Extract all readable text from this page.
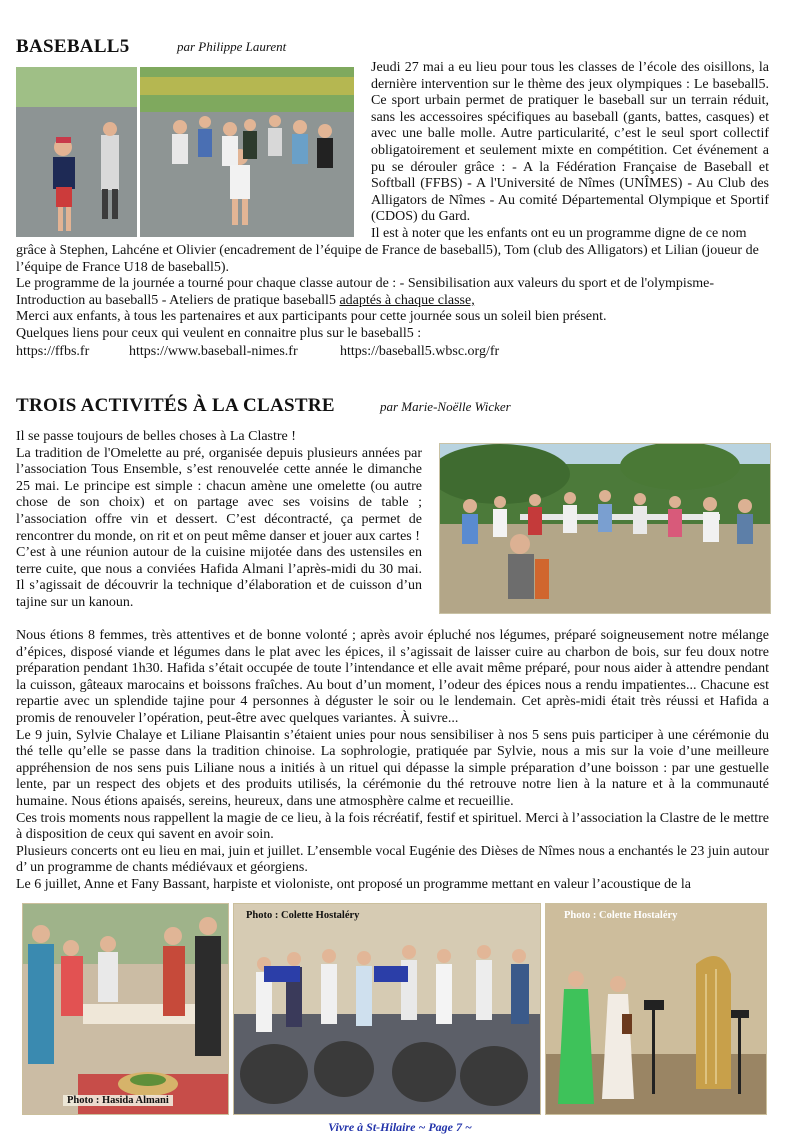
BASEBALL5	par Philippe Laurent

Jeudi 27 mai a eu lieu pour tous les classes de l’école des oisillons, la dernière intervention sur le thème des jeux olympiques : Le baseball5. Ce sport urbain permet de pratiquer le baseball sur un terrain réduit, sans les accessoires spécifiques au baseball (gants, battes, casques) et avec une balle molle. Autre particularité, c’est le seul sport collectif obligatoirement et seulement mixte en compétition. Cet événement a pu se dérouler grâce : - A la Fédération Française de Baseball et Softball (FFBS) - A l'Université de Nîmes (UNÎMES) - Au Club des Alligators de Nîmes - Au comité Départemental Olympique et Sportif (CDOS) du Gard.

Il est à noter que les enfants ont eu un programme digne de ce nom

grâce à Stephen, Lahcéne et Olivier (encadrement de l’équipe de France de baseball5), Tom (club des Alligators) et Lilian (joueur de l’équipe de France U18 de baseball5).

Le programme de la journée a tourné pour chaque classe autour de : - Sensibilisation aux valeurs du sport et de l'olympisme- Introduction au baseball5 - Ateliers de pratique baseball5 adaptés à chaque classe,

Merci aux enfants, à tous les partenaires et aux participants pour cette journée sous un soleil bien présent.

Quelques liens pour ceux qui veulent en connaitre plus sur le baseball5 :

https://ffbs.fr	https://www.baseball-nimes.fr	https://baseball5.wbsc.org/fr
TROIS ACTIVITÉS À LA CLASTRE	par Marie-Noëlle Wicker

Il se passe toujours de belles choses à La Clastre !

La tradition de l'Omelette au pré, organisée depuis plusieurs années par l’association Tous Ensemble, s’est renouvelée cette année le dimanche 25 mai. Le principe est simple : chacun amène une omelette (ou autre chose de son choix) et on partage avec ses voisins de table ; l’association offre vin et dessert. C’est décontracté, ça permet de rencontrer du monde, on rit et on peut même danser et jouer aux cartes !

C’est à une réunion autour de la cuisine mijotée dans des ustensiles en terre cuite, que nous a conviées Hafida Almani l’après-midi du 30 mai. Il s’agissait de découvrir la technique d’élaboration et de cuisson d’un tajine sur un kanoun.

Nous étions 8 femmes, très attentives et de bonne volonté ; après avoir épluché nos légumes, préparé soigneusement notre mélange d’épices, disposé viande et légumes dans le plat avec les épices, il s’agissait de laisser cuire au charbon de bois, sur feu doux notre préparation pendant 1h30. Hafida s’était occupée de toute l’intendance et elle avait même préparé, pour nous aider à attendre pendant la cuisson, gâteaux marocains et boissons fraîches. Au bout d’un moment, l’odeur des épices nous a rendu impatientes... Chacune est repartie avec un splendide tajine pour 4 personnes à déguster le soir ou le lendemain. Cet après-midi était très réussi et Hafida a promis de renouveler l’opération, peut-être avec quelques variantes. À suivre...

Le 9 juin, Sylvie Chalaye et Liliane Plaisantin s’étaient unies pour nous sensibiliser à nos 5 sens puis participer à une cérémonie du thé telle qu’elle se passe dans la tradition chinoise. La sophrologie, pratiquée par Sylvie, nous a mis sur la voie d’une meilleure appréhension de nos sens puis Liliane nous a initiés à un rituel qui dépasse la simple préparation d’une boisson : par une gestuelle lente, par un respect des objets et des produits utilisés, la cérémonie du thé retrouve notre lien à la nature et à la communauté humaine. Nous étions apaisés, sereins, heureux, dans une atmosphère calme et recueillie.

Ces trois moments nous rappellent la magie de ce lieu, à la fois récréatif, festif et spirituel. Merci à l’association la Clastre de le mettre à disposition de ceux qui savent en avoir soin.

Plusieurs concerts ont eu lieu en mai, juin et juillet. L’ensemble vocal Eugénie des Dièses de Nîmes nous a enchantés le 23 juin autour d’ un programme de chants médiévaux et géorgiens.

Le 6 juillet, Anne et Fany Bassant, harpiste et violoniste, ont proposé un programme mettant en valeur l’acoustique de la

Photo : Hasida Almani
Photo : Colette Hostaléry	Photo : Colette Hostaléry
Vivre à St-Hilaire ~ Page 7 ~
